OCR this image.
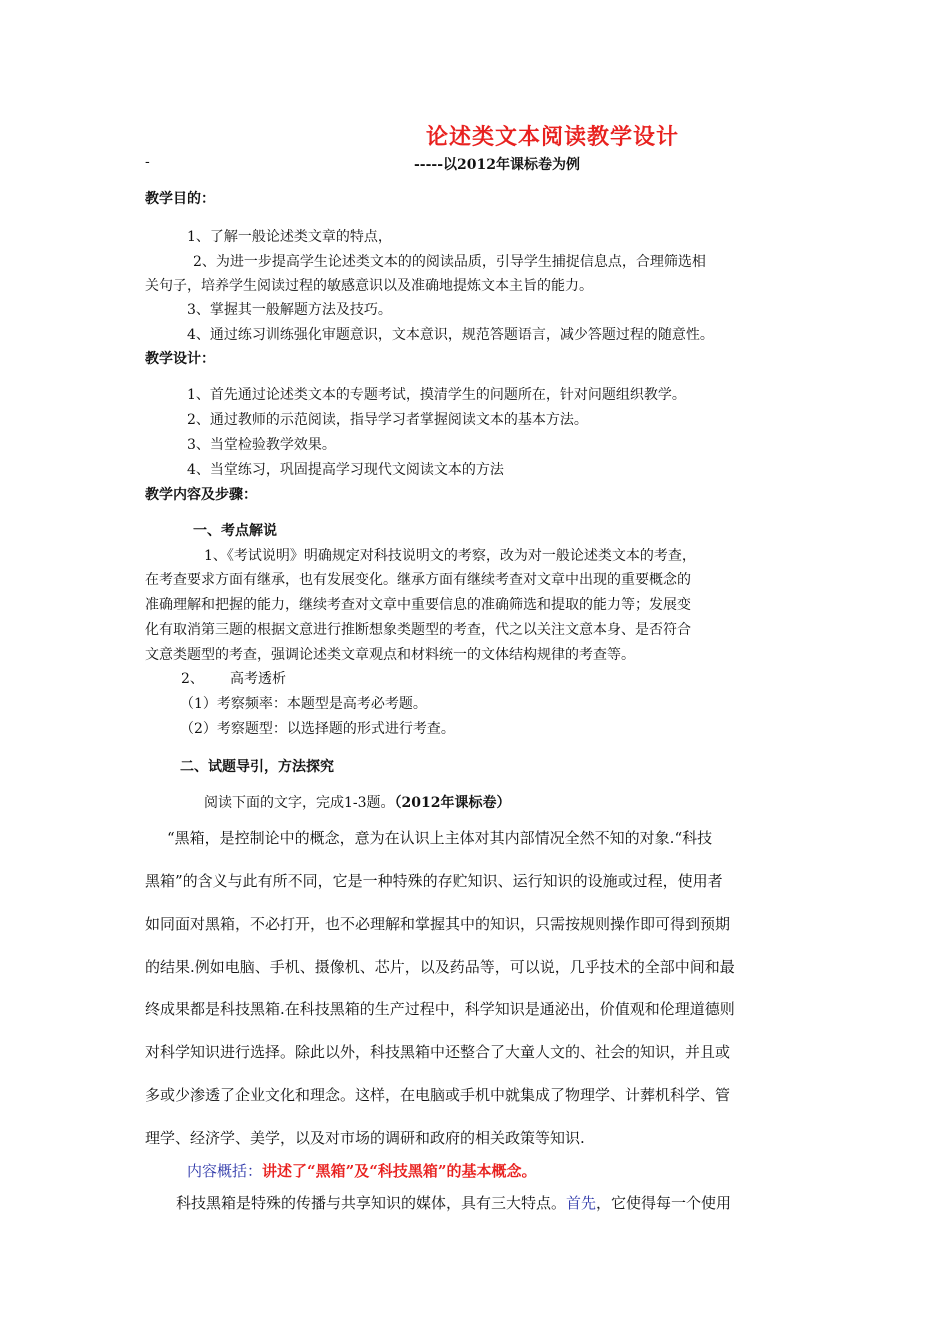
论述类文本阅读教学设计
-	-----以2012年课标卷为例
教学目的：
1、了解一般论述类文章的特点，
2、为进一步提高学生论述类文本的的阅读品质，引导学生捕捉信息点，合理筛选相
关句子，培养学生阅读过程的敏感意识以及准确地提炼文本主旨的能力。
3、掌握其一般解题方法及技巧。
4、通过练习训练强化审题意识，文本意识，规范答题语言，减少答题过程的随意性。
教学设计：
1、首先通过论述类文本的专题考试，摸清学生的问题所在，针对问题组织教学。
2、通过教师的示范阅读，指导学习者掌握阅读文本的基本方法。
3、当堂检验教学效果。
4、当堂练习，巩固提高学习现代文阅读文本的方法
教学内容及步骤：
一、考点解说
1、《考试说明》明确规定对科技说明文的考察，改为对一般论述类文本的考查，
在考查要求方面有继承，也有发展变化。继承方面有继续考查对文章中出现的重要概念的
准确理解和把握的能力，继续考查对文章中重要信息的准确筛选和提取的能力等；发展变
化有取消第三题的根据文意进行推断想象类题型的考查，代之以关注文意本身、是否符合
文意类题型的考查，强调论述类文章观点和材料统一的文体结构规律的考查等。
2、 高考透析
（1）考察频率：本题型是高考必考题。
（2）考察题型：以选择题的形式进行考查。
二、试题导引，方法探究
阅读下面的文字，完成1-3题。（2012年课标卷）
“黑箱，是控制论中的概念，意为在认识上主体对其内部情况全然不知的对象.“科技
黑箱”的含义与此有所不同，它是一种特殊的存贮知识、运行知识的设施或过程，使用者
如同面对黑箱，不必打开，也不必理解和掌握其中的知识，只需按规则操作即可得到预期
的结果.例如电脑、手机、摄像机、芯片，以及药品等，可以说，几乎技术的全部中间和最
终成果都是科技黑箱.在科技黑箱的生产过程中，科学知识是通泌出，价值观和伦理道德则
对科学知识进行选择。除此以外，科技黑箱中还整合了大童人文的、社会的知识，并且或
多或少渗透了企业文化和理念。这样，在电脑或手机中就集成了物理学、计葬机科学、管
理学、经济学、美学，以及对市场的调研和政府的相关政策等知识.
内容概括：讲述了“黑箱”及“科技黑箱”的基本概念。
科技黑箱是特殊的传播与共享知识的媒体，具有三大特点。首先，它使得每一个使用
